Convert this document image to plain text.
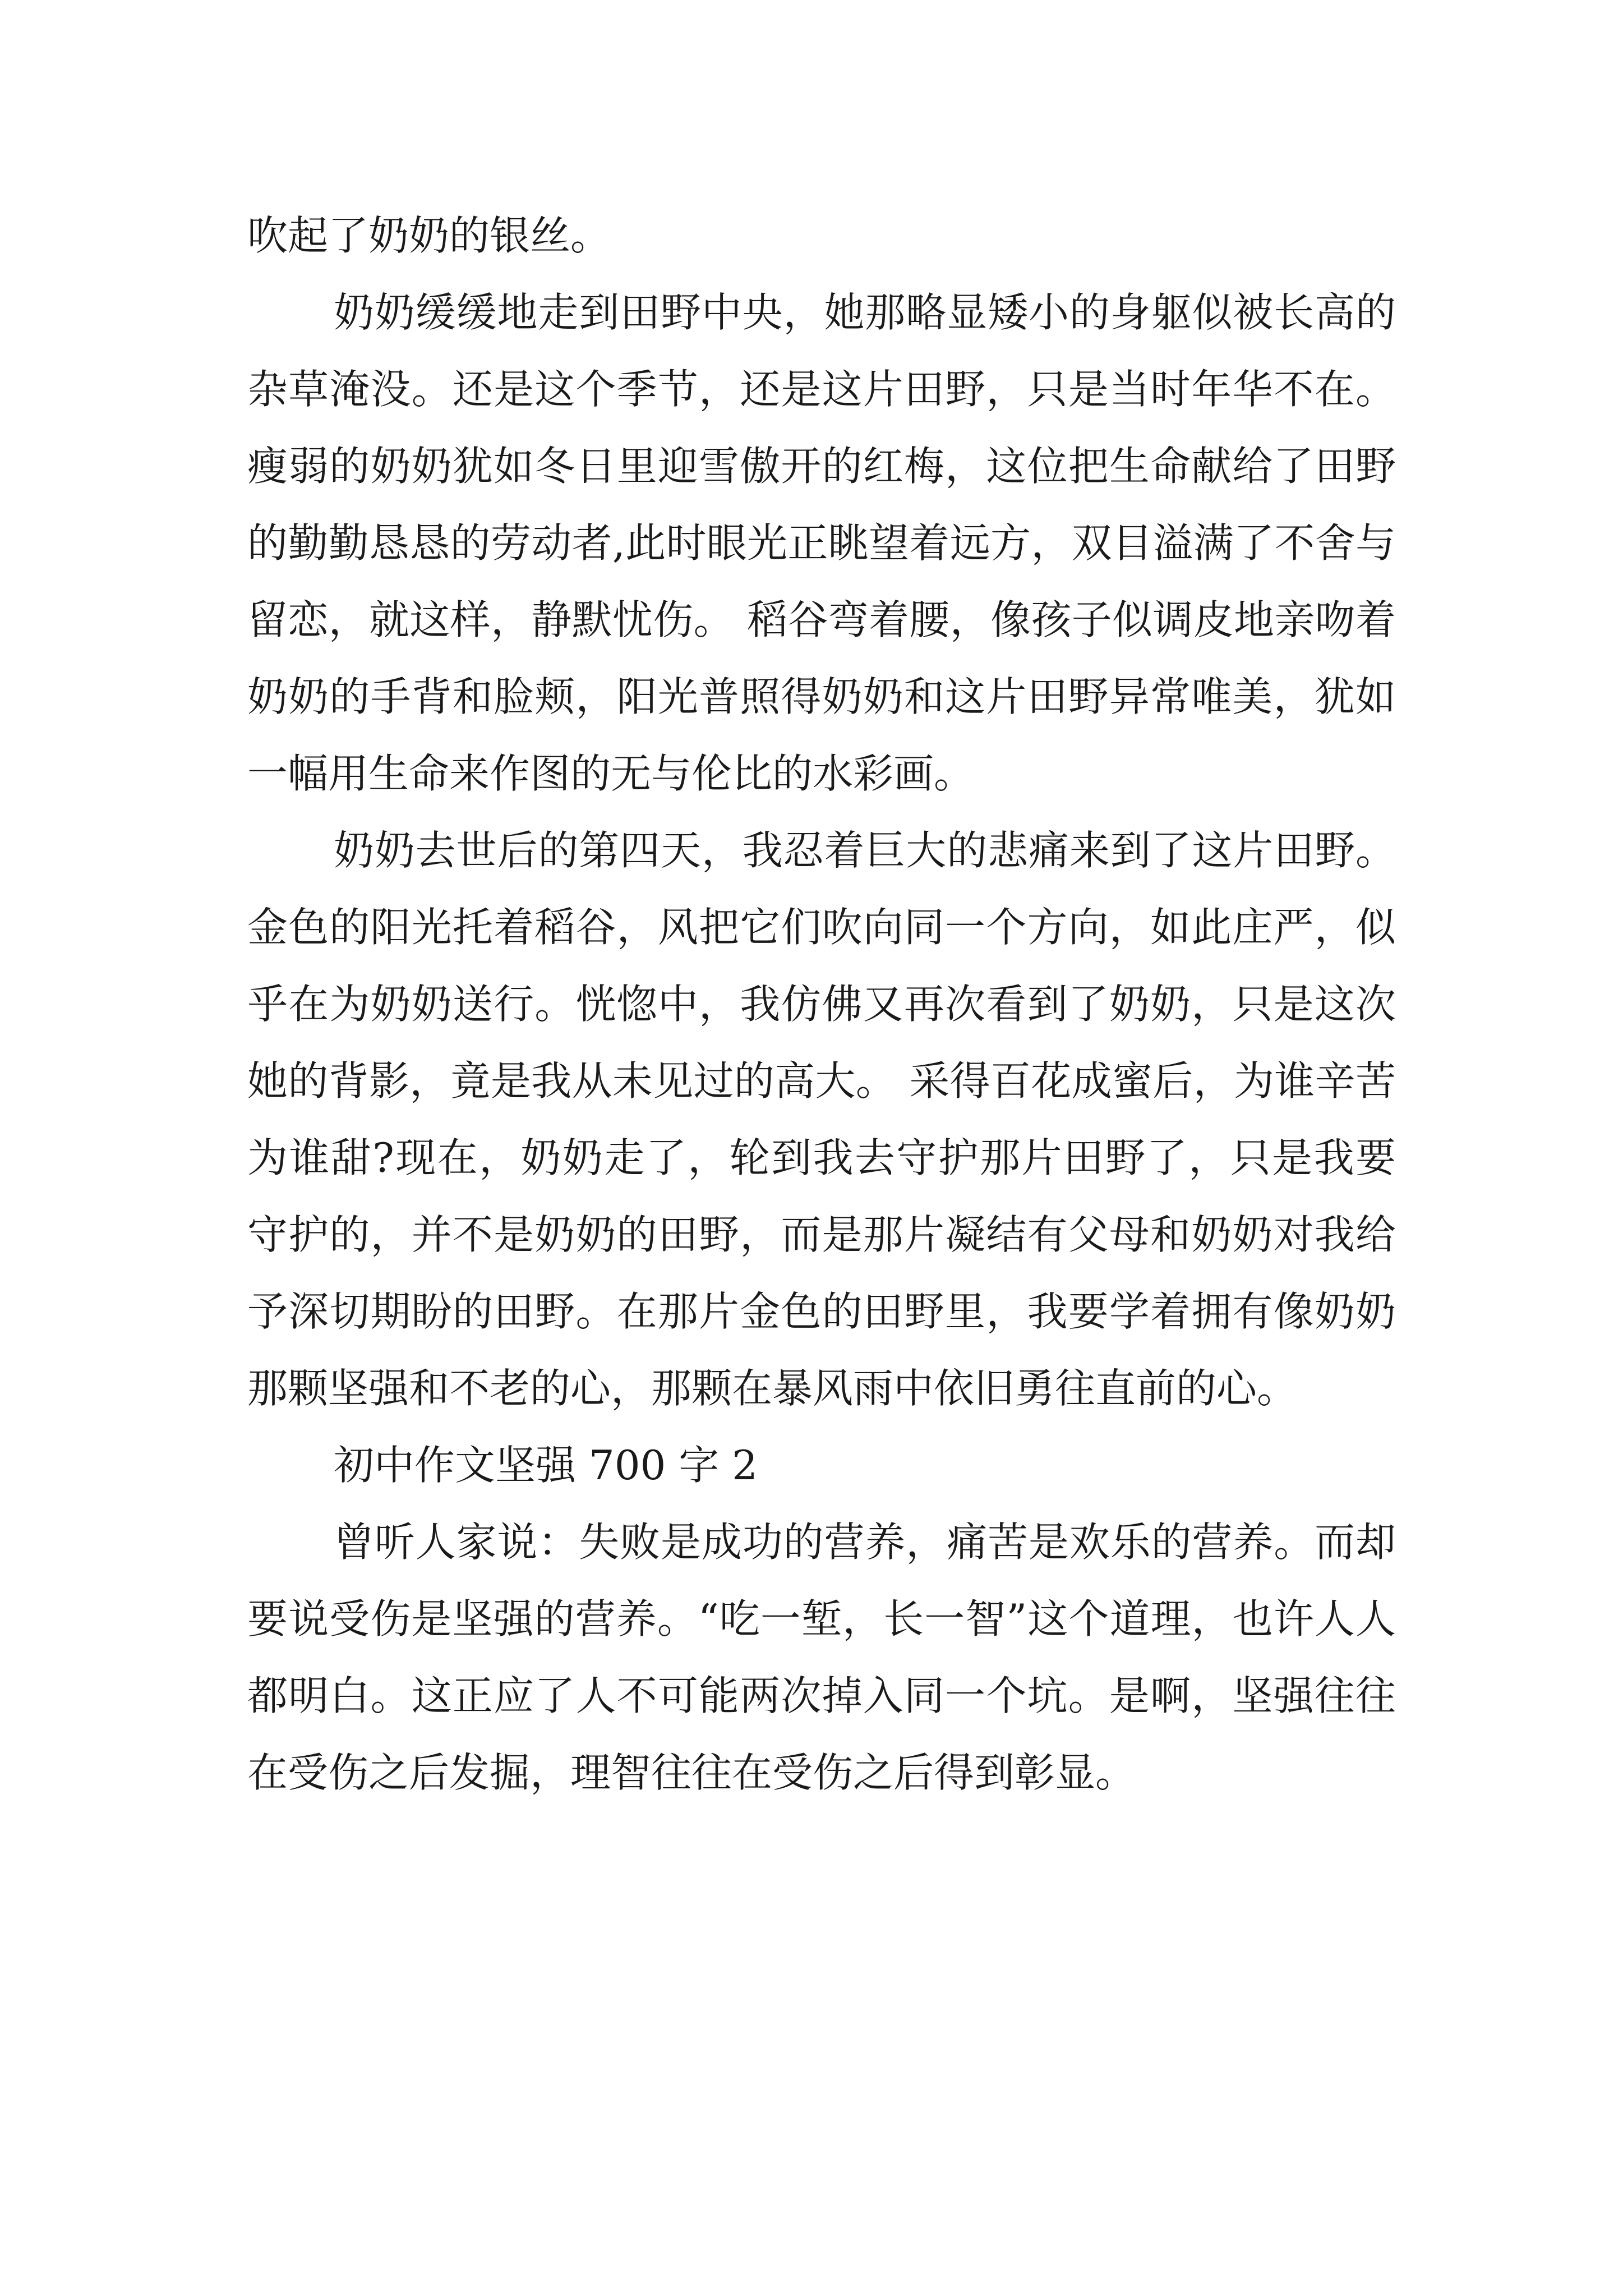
吹起了奶奶的银丝。

奶奶缓缓地走到田野中央，她那略显矮小的身躯似被长高的杂草淹没。还是这个季节，还是这片田野，只是当时年华不在。瘦弱的奶奶犹如冬日里迎雪傲开的红梅，这位把生命献给了田野的勤勤恳恳的劳动者,此时眼光正眺望着远方，双目溢满了不舍与留恋，就这样，静默忧伤。 稻谷弯着腰，像孩子似调皮地亲吻着奶奶的手背和脸颊，阳光普照得奶奶和这片田野异常唯美，犹如一幅用生命来作图的无与伦比的水彩画。

奶奶去世后的第四天，我忍着巨大的悲痛来到了这片田野。金色的阳光托着稻谷，风把它们吹向同一个方向，如此庄严，似乎在为奶奶送行。恍惚中，我仿佛又再次看到了奶奶，只是这次她的背影，竟是我从未见过的高大。 采得百花成蜜后，为谁辛苦为谁甜?现在，奶奶走了，轮到我去守护那片田野了，只是我要守护的，并不是奶奶的田野，而是那片凝结有父母和奶奶对我给予深切期盼的田野。在那片金色的田野里，我要学着拥有像奶奶那颗坚强和不老的心，那颗在暴风雨中依旧勇往直前的心。

初中作文坚强 700 字 2

曾听人家说：失败是成功的营养，痛苦是欢乐的营养。而却要说受伤是坚强的营养。“吃一堑，长一智”这个道理，也许人人都明白。这正应了人不可能两次掉入同一个坑。是啊，坚强往往在受伤之后发掘，理智往往在受伤之后得到彰显。
